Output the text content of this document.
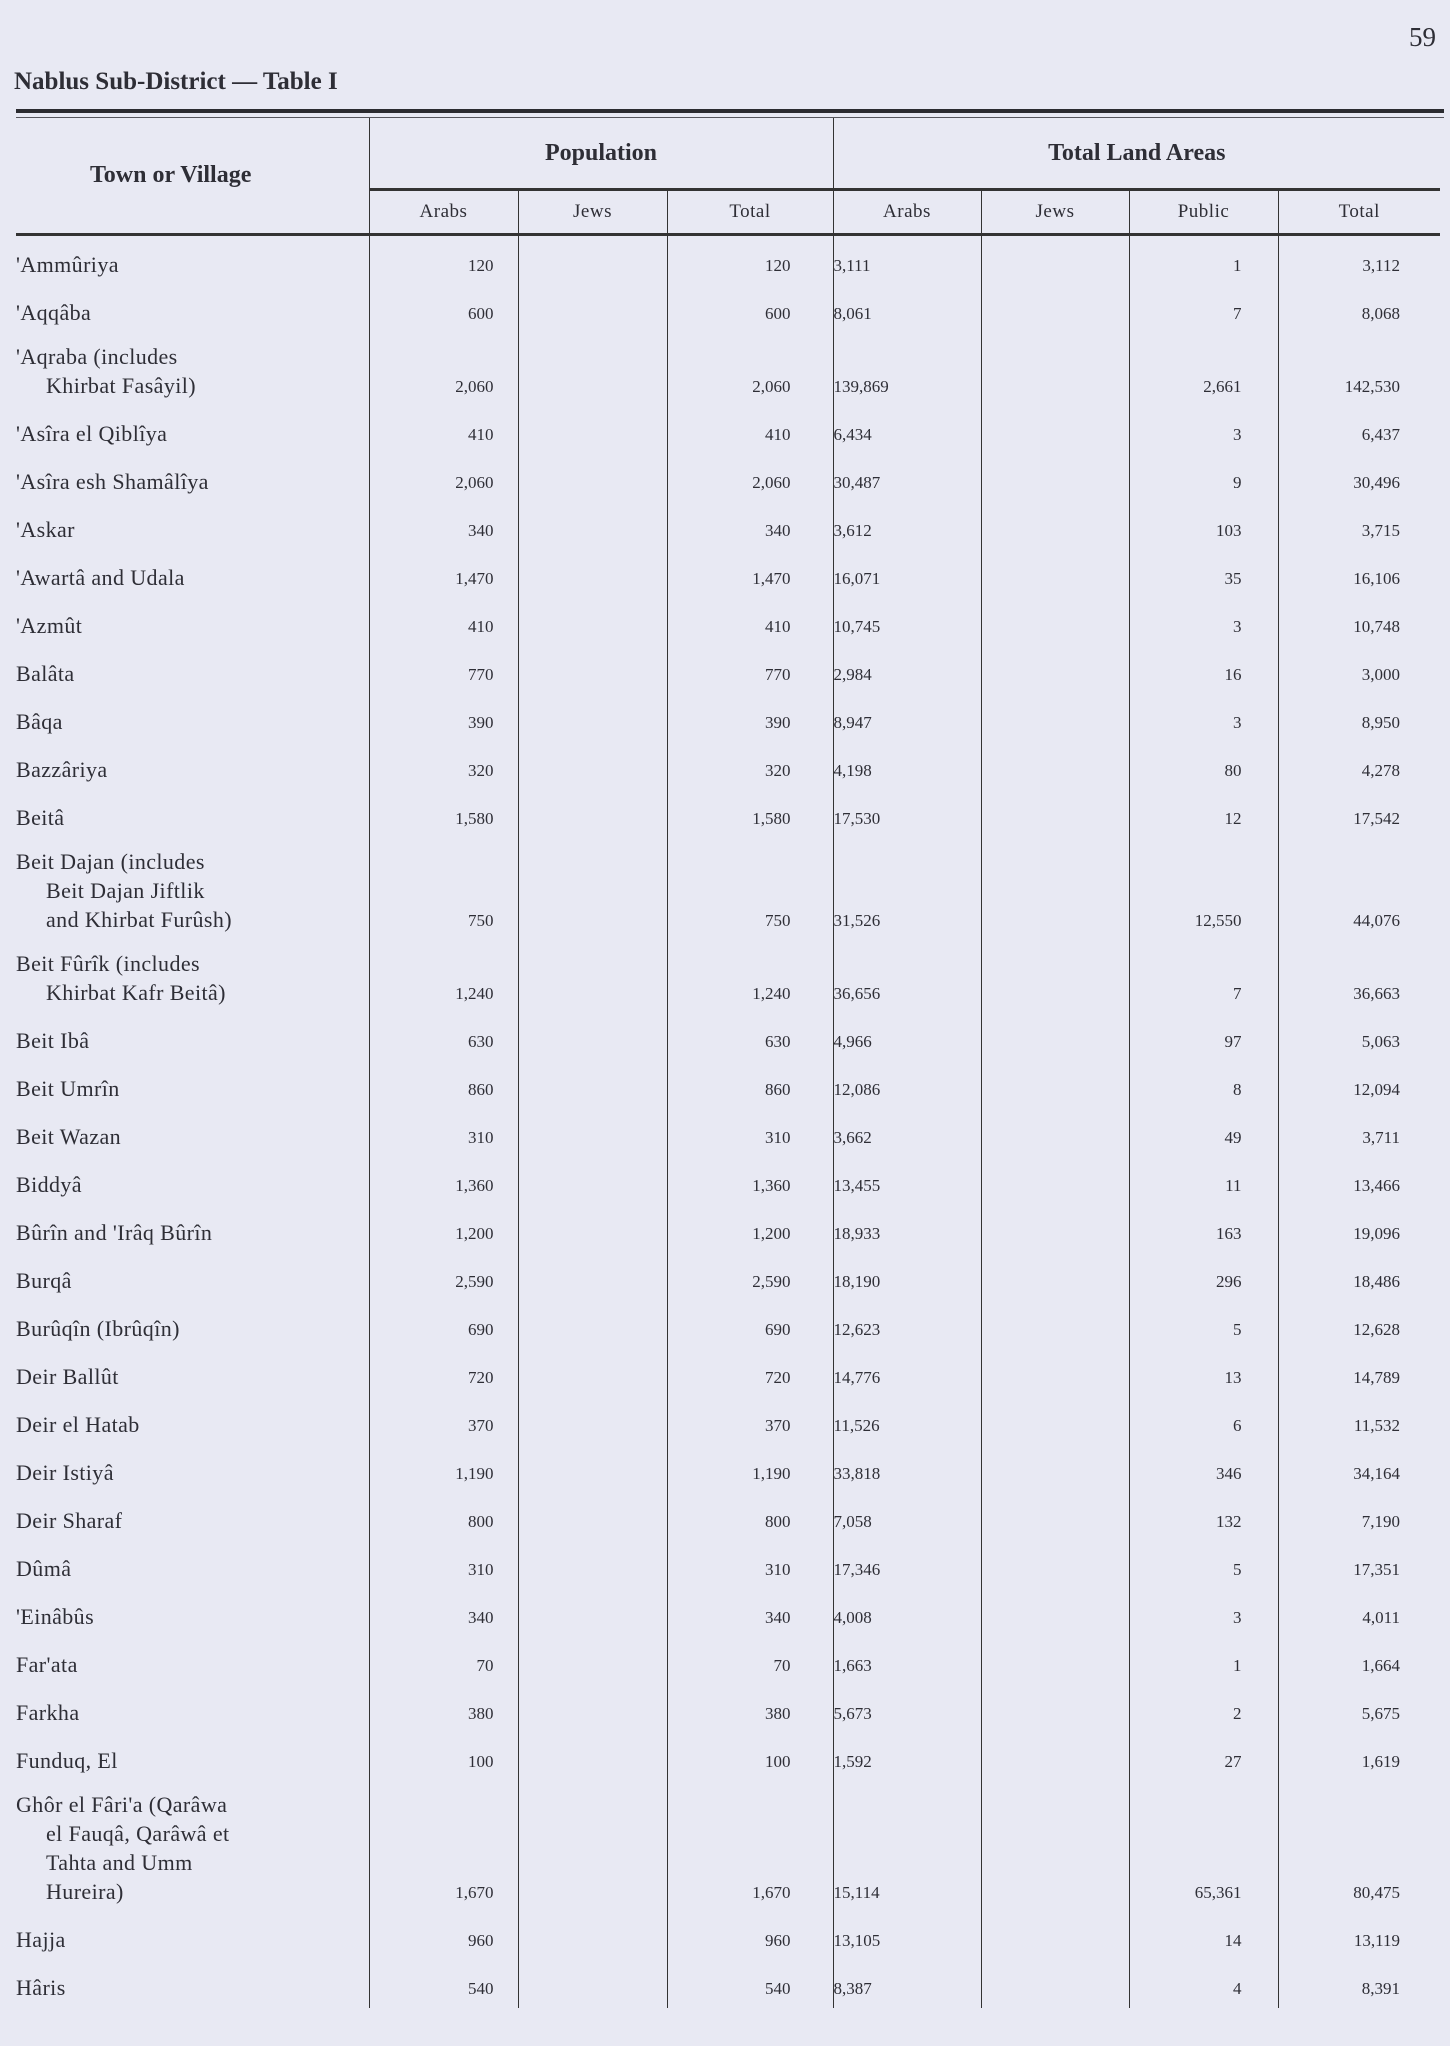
59
Nablus Sub-District — Table I
Town or Village	Population			Total Land Areas			
	Arabs	Jews	Total	Arabs	Jews	Public	Total

'Ammûriya	120		120	3,111		1	3,112

'Aqqâba	600		600	8,061		7	8,068

'Aqraba (includes
Khirbat Fasâyil)	2,060		2,060	139,869		2,661	142,530

'Asîra el Qiblîya	410		410	6,434		3	6,437

'Asîra esh Shamâlîya	2,060		2,060	30,487		9	30,496

'Askar	340		340	3,612		103	3,715

'Awartâ and Udala	1,470		1,470	16,071		35	16,106

'Azmût	410		410	10,745		3	10,748

Balâta	770		770	2,984		16	3,000

Bâqa	390		390	8,947		3	8,950

Bazzâriya	320		320	4,198		80	4,278

Beitâ	1,580		1,580	17,530		12	17,542

Beit Dajan (includes
Beit Dajan Jiftlik
and Khirbat Furûsh)	750		750	31,526		12,550	44,076

Beit Fûrîk (includes
Khirbat Kafr Beitâ)	1,240		1,240	36,656		7	36,663

Beit Ibâ	630		630	4,966		97	5,063

Beit Umrîn	860		860	12,086		8	12,094

Beit Wazan	310		310	3,662		49	3,711

Biddyâ	1,360		1,360	13,455		11	13,466

Bûrîn and 'Irâq Bûrîn	1,200		1,200	18,933		163	19,096

Burqâ	2,590		2,590	18,190		296	18,486

Burûqîn (Ibrûqîn)	690		690	12,623		5	12,628

Deir Ballût	720		720	14,776		13	14,789

Deir el Hatab	370		370	11,526		6	11,532

Deir Istiyâ	1,190		1,190	33,818		346	34,164

Deir Sharaf	800		800	7,058		132	7,190

Dûmâ	310		310	17,346		5	17,351

'Einâbûs	340		340	4,008		3	4,011

Far'ata	70		70	1,663		1	1,664

Farkha	380		380	5,673		2	5,675

Funduq, El	100		100	1,592		27	1,619

Ghôr el Fâri'a (Qarâwa
el Fauqâ, Qarâwâ et
Tahta and Umm
Hureira)	1,670		1,670	15,114		65,361	80,475

Hajja	960		960	13,105		14	13,119

Hâris	540		540	8,387		4	8,391
